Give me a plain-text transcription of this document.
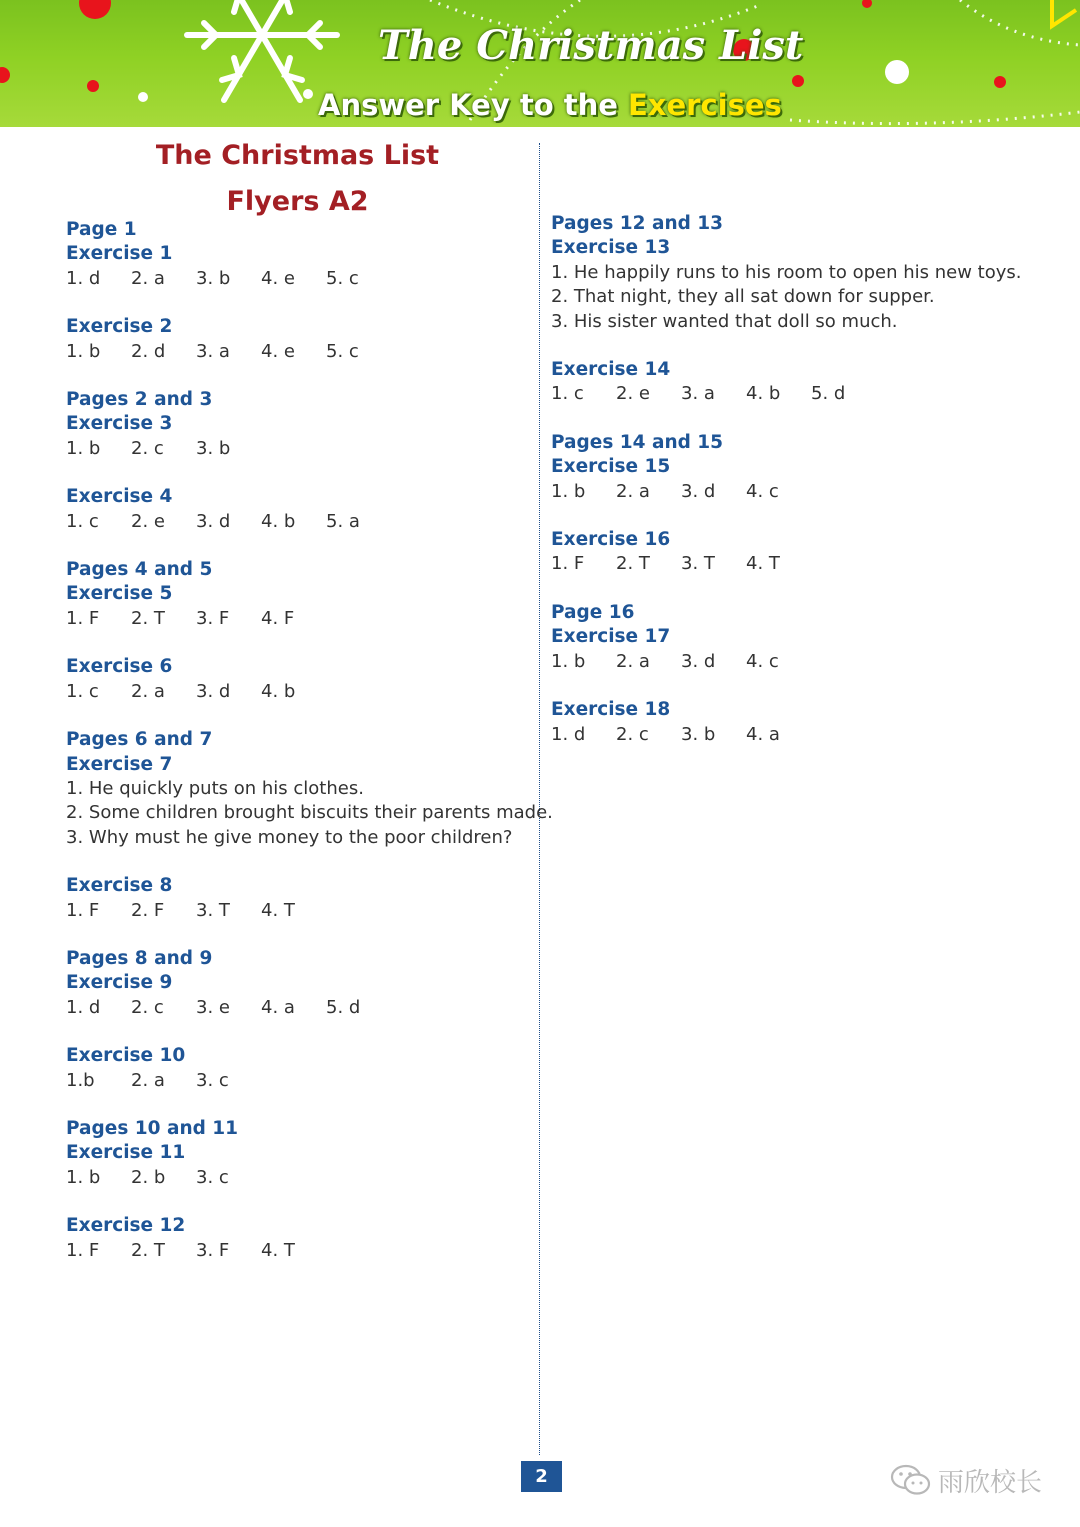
The Christmas List
Answer Key to the Exercises
The Christmas List
Flyers A2
Page 1
Exercise 1
1. d	2. a	3. b	4. e	5. c
Exercise 2
1. b	2. d	3. a	4. e	5. c
Pages 2 and 3
Exercise 3
1. b	2. c	3. b
Exercise 4
1. c	2. e	3. d	4. b	5. a
Pages 4 and 5
Exercise 5
1. F	2. T	3. F	4. F
Exercise 6
1. c	2. a	3. d	4. b
Pages 6 and 7
Exercise 7
1. He quickly puts on his clothes.
2. Some children brought biscuits their parents made.
3. Why must he give money to the poor children?
Exercise 8
1. F	2. F	3. T	4. T
Pages 8 and 9
Exercise 9
1. d	2. c	3. e	4. a	5. d
Exercise 10
1.b	2. a	3. c
Pages 10 and 11
Exercise 11
1. b	2. b	3. c
Exercise 12
1. F	2. T	3. F	4. T
Pages 12 and 13
Exercise 13
1. He happily runs to his room to open his new toys.
2. That night, they all sat down for supper.
3. His sister wanted that doll so much.
Exercise 14
1. c	2. e	3. a	4. b	5. d
Pages 14 and 15
Exercise 15
1. b	2. a	3. d	4. c
Exercise 16
1. F	2. T	3. T	4. T
Page 16
Exercise 17
1. b	2. a	3. d	4. c
Exercise 18
1. d	2. c	3. b	4. a
2	雨欣校长
